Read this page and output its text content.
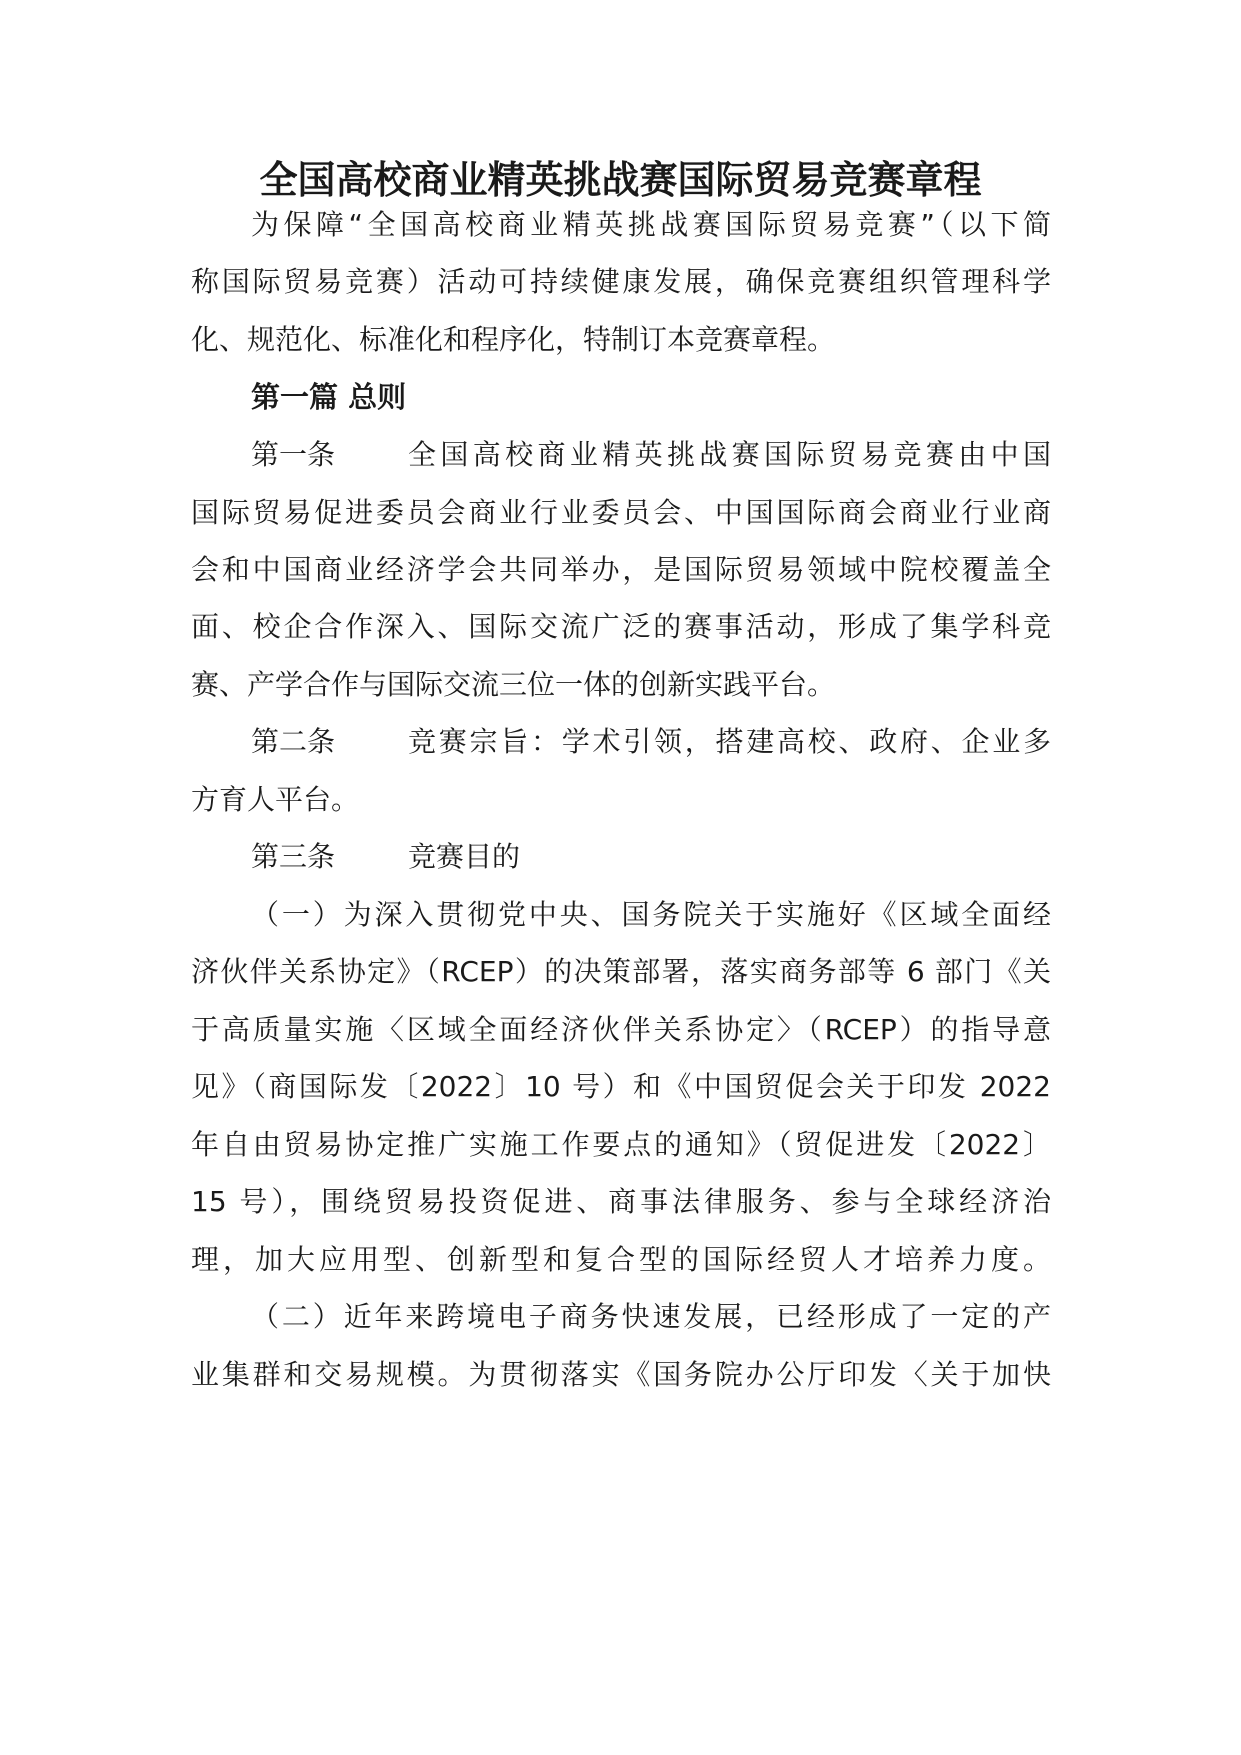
全国高校商业精英挑战赛国际贸易竞赛章程
为保障“全国高校商业精英挑战赛国际贸易竞赛”（以下简
称国际贸易竞赛）活动可持续健康发展，确保竞赛组织管理科学
化、规范化、标准化和程序化，特制订本竞赛章程。
第一篇 总则
第一条	全国高校商业精英挑战赛国际贸易竞赛由中国
国际贸易促进委员会商业行业委员会、中国国际商会商业行业商
会和中国商业经济学会共同举办，是国际贸易领域中院校覆盖全
面、校企合作深入、国际交流广泛的赛事活动，形成了集学科竞
赛、产学合作与国际交流三位一体的创新实践平台。
第二条	竞赛宗旨：学术引领，搭建高校、政府、企业多
方育人平台。
第三条	竞赛目的
（一）为深入贯彻党中央、国务院关于实施好《区域全面经
济伙伴关系协定》（RCEP）的决策部署，落实商务部等 6 部门《关
于高质量实施〈区域全面经济伙伴关系协定〉（RCEP）的指导意
见》（商国际发〔2022〕10 号）和《中国贸促会关于印发 2022
年自由贸易协定推广实施工作要点的通知》（贸促进发〔2022〕
15 号），围绕贸易投资促进、商事法律服务、参与全球经济治
理，加大应用型、创新型和复合型的国际经贸人才培养力度。
（二）近年来跨境电子商务快速发展，已经形成了一定的产
业集群和交易规模。为贯彻落实《国务院办公厅印发〈关于加快
